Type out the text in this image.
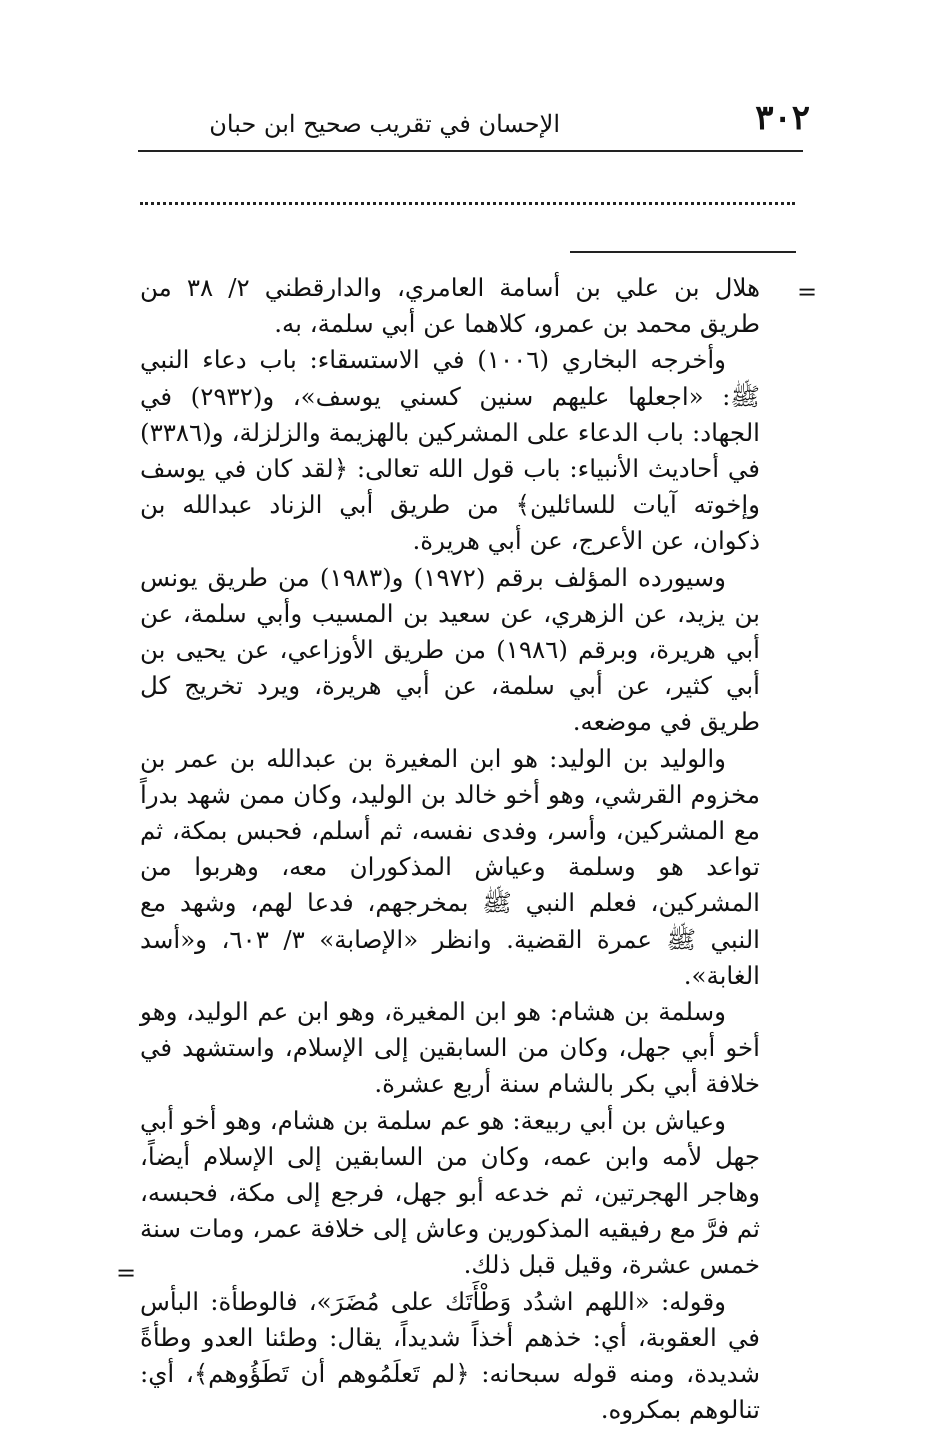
٣٠٢
الإحسان في تقريب صحيح ابن حبان
=

هلال بن علي بن أسامة العامري، والدارقطني ٢/ ٣٨ من طريق محمد بن عمرو، كلاهما عن أبي سلمة، به.

وأخرجه البخاري (١٠٠٦) في الاستسقاء: باب دعاء النبي ﷺ: «اجعلها عليهم سنين كسني يوسف»، و(٢٩٣٢) في الجهاد: باب الدعاء على المشركين بالهزيمة والزلزلة، و(٣٣٨٦) في أحاديث الأنبياء: باب قول الله تعالى: ﴿لقد كان في يوسف وإخوته آيات للسائلين﴾ من طريق أبي الزناد عبدالله بن ذكوان، عن الأعرج، عن أبي هريرة.

وسيورده المؤلف برقم (١٩٧٢) و(١٩٨٣) من طريق يونس بن يزيد، عن الزهري، عن سعيد بن المسيب وأبي سلمة، عن أبي هريرة، وبرقم (١٩٨٦) من طريق الأوزاعي، عن يحيى بن أبي كثير، عن أبي سلمة، عن أبي هريرة، ويرد تخريج كل طريق في موضعه.

والوليد بن الوليد: هو ابن المغيرة بن عبدالله بن عمر بن مخزوم القرشي، وهو أخو خالد بن الوليد، وكان ممن شهد بدراً مع المشركين، وأسر، وفدى نفسه، ثم أسلم، فحبس بمكة، ثم تواعد هو وسلمة وعياش المذكوران معه، وهربوا من المشركين، فعلم النبي ﷺ بمخرجهم، فدعا لهم، وشهد مع النبي ﷺ عمرة القضية. وانظر «الإصابة» ٣/ ٦٠٣، و«أسد الغابة».

وسلمة بن هشام: هو ابن المغيرة، وهو ابن عم الوليد، وهو أخو أبي جهل، وكان من السابقين إلى الإسلام، واستشهد في خلافة أبي بكر بالشام سنة أربع عشرة.

وعياش بن أبي ربيعة: هو عم سلمة بن هشام، وهو أخو أبي جهل لأمه وابن عمه، وكان من السابقين إلى الإسلام أيضاً، وهاجر الهجرتين، ثم خدعه أبو جهل، فرجع إلى مكة، فحبسه، ثم فرَّ مع رفيقيه المذكورين وعاش إلى خلافة عمر، ومات سنة خمس عشرة، وقيل قبل ذلك.

وقوله: «اللهم اشدُد وَطْأَتَك على مُضَرَ»، فالوطأة: البأس في العقوبة، أي: خذهم أخذاً شديداً، يقال: وطئنا العدو وطأةً شديدة، ومنه قوله سبحانه: ﴿لم تَعلَمُوهم أن تَطَؤُوهم﴾، أي: تنالوهم بمكروه.

=
